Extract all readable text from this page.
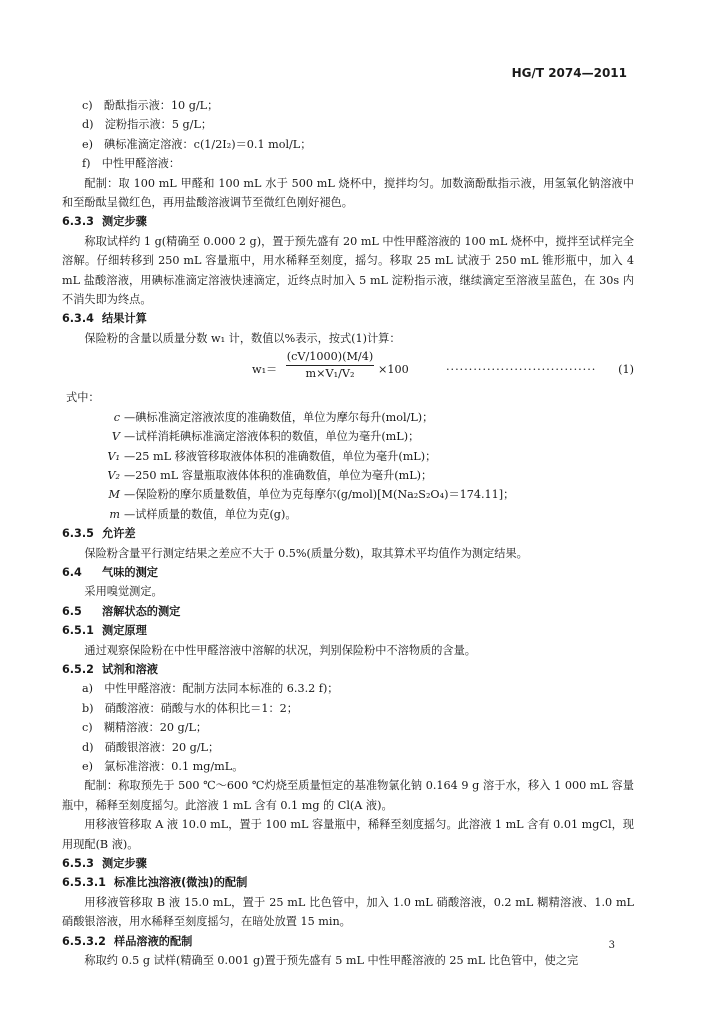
HG/T 2074—2011

c)　酚酞指示液：10 g/L；

d)　淀粉指示液：5 g/L；

e)　碘标准滴定溶液：c(1/2I₂)＝0.1 mol/L；

f)　中性甲醛溶液：

配制：取 100 mL 甲醛和 100 mL 水于 500 mL 烧杯中，搅拌均匀。加数滴酚酞指示液，用氢氧化钠溶液中和至酚酞呈微红色，再用盐酸溶液调节至微红色刚好褪色。

6.3.3 测定步骤

称取试样约 1 g(精确至 0.000 2 g)，置于预先盛有 20 mL 中性甲醛溶液的 100 mL 烧杯中，搅拌至试样完全溶解。仔细转移到 250 mL 容量瓶中，用水稀释至刻度，摇匀。移取 25 mL 试液于 250 mL 锥形瓶中，加入 4 mL 盐酸溶液，用碘标准滴定溶液快速滴定，近终点时加入 5 mL 淀粉指示液，继续滴定至溶液呈蓝色，在 30s 内不消失即为终点。

6.3.4 结果计算

保险粉的含量以质量分数 w₁ 计，数值以%表示，按式(1)计算：

$w_1= \frac{(cV/1000)(M/4)}{\text{m×V₁/V₂}} \times 100$	································· (1)

式中：

c —碘标准滴定溶液浓度的准确数值，单位为摩尔每升(mol/L)；
V —试样消耗碘标准滴定溶液体积的数值，单位为毫升(mL)；
V₁ —25 mL 移液管移取液体体积的准确数值，单位为毫升(mL)；
V₂ —250 mL 容量瓶取液体体积的准确数值，单位为毫升(mL)；
M —保险粉的摩尔质量数值，单位为克每摩尔(g/mol)[M(Na₂S₂O₄)＝174.11]；
m —试样质量的数值，单位为克(g)。

6.3.5 允许差

保险粉含量平行测定结果之差应不大于 0.5%(质量分数)，取其算术平均值作为测定结果。

6.4 气味的测定

采用嗅觉测定。

6.5 溶解状态的测定

6.5.1 测定原理

通过观察保险粉在中性甲醛溶液中溶解的状况，判别保险粉中不溶物质的含量。

6.5.2 试剂和溶液

a)　中性甲醛溶液：配制方法同本标准的 6.3.2 f)；

b)　硝酸溶液：硝酸与水的体积比＝1：2；

c)　糊精溶液：20 g/L；

d)　硝酸银溶液：20 g/L；

e)　氯标准溶液：0.1 mg/mL。

配制：称取预先于 500 ℃～600 ℃灼烧至质量恒定的基准物氯化钠 0.164 9 g 溶于水，移入 1 000 mL 容量瓶中，稀释至刻度摇匀。此溶液 1 mL 含有 0.1 mg 的 Cl(A 液)。

用移液管移取 A 液 10.0 mL，置于 100 mL 容量瓶中，稀释至刻度摇匀。此溶液 1 mL 含有 0.01 mgCl，现用现配(B 液)。

6.5.3 测定步骤

6.5.3.1 标准比浊溶液(微浊)的配制

用移液管移取 B 液 15.0 mL，置于 25 mL 比色管中，加入 1.0 mL 硝酸溶液，0.2 mL 糊精溶液、1.0 mL 硝酸银溶液，用水稀释至刻度摇匀，在暗处放置 15 min。

6.5.3.2 样品溶液的配制

称取约 0.5 g 试样(精确至 0.001 g)置于预先盛有 5 mL 中性甲醛溶液的 25 mL 比色管中，使之完

3
